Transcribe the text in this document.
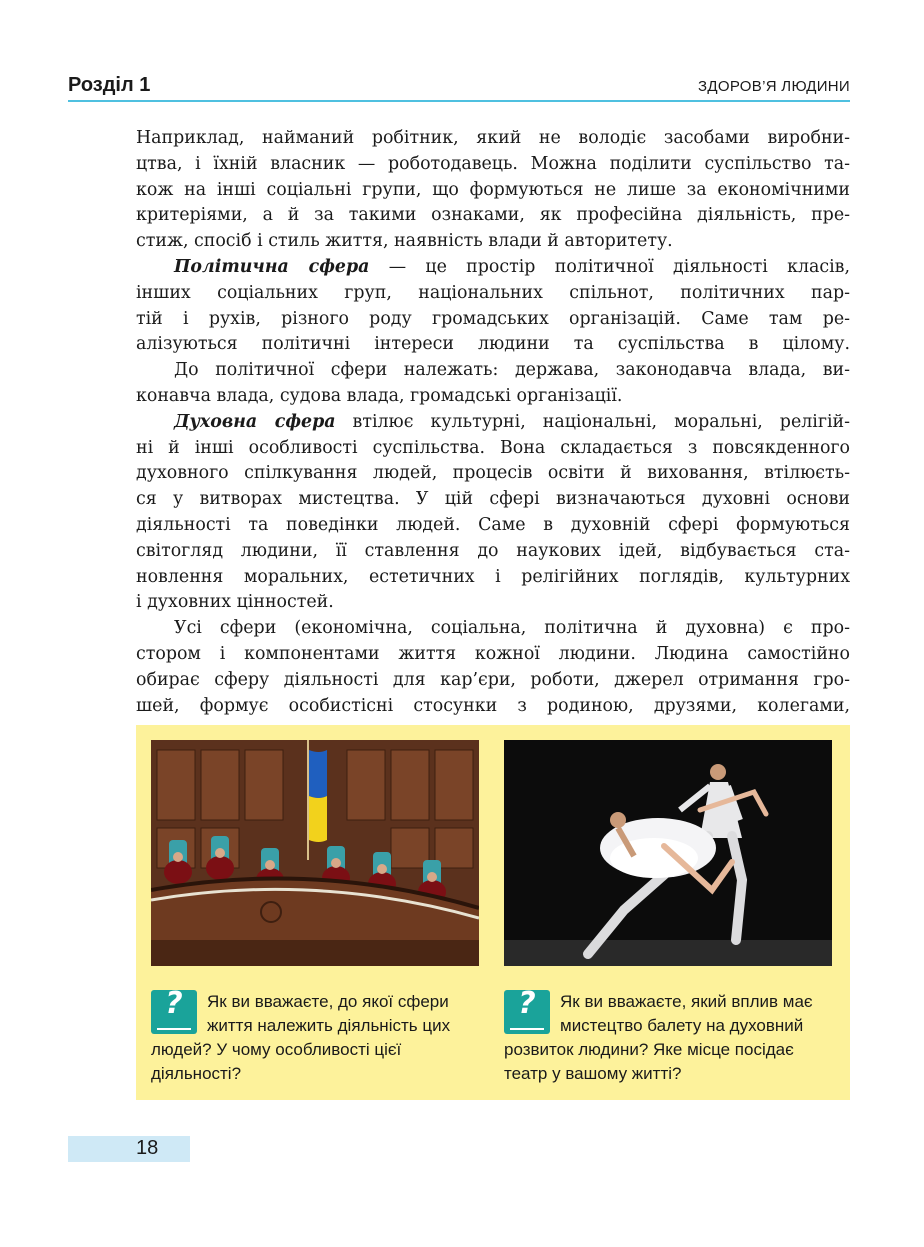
Розділ 1	ЗДОРОВ’Я ЛЮДИНИ
Наприклад, найманий робітник, який не володіє засобами виробни-
цтва, і їхній власник — роботодавець. Можна поділити суспільство та-
кож на інші соціальні групи, що формуються не лише за економічними
критеріями, а й за такими ознаками, як професійна діяльність, пре-
стиж, спосіб і стиль життя, наявність влади й авторитету.
Політична сфера — це простір політичної діяльності класів,
інших соціальних груп, національних спільнот, політичних пар-
тій і рухів, різного роду громадських організацій. Саме там ре-
алізуються політичні інтереси людини та суспільства в цілому.
До політичної сфери належать: держава, законодавча влада, ви-
конавча влада, судова влада, громадські організації.
Духовна сфера втілює культурні, національні, моральні, релігій-
ні й інші особливості суспільства. Вона складається з повсякденного
духовного спілкування людей, процесів освіти й виховання, втілюєть-
ся у витворах мистецтва. У цій сфері визначаються духовні основи
діяльності та поведінки людей. Саме в духовній сфері формуються
світогляд людини, її ставлення до наукових ідей, відбувається ста-
новлення моральних, естетичних і релігійних поглядів, культурних
і духовних цінностей.
Усі сфери (економічна, соціальна, політична й духовна) є про-
стором і компонентами життя кожної людини. Людина самостійно
обирає сферу діяльності для кар’єри, роботи, джерел отримання гро-
шей, формує особистісні стосунки з родиною, друзями, колегами,
?	Як ви вважаєте, до якої сфери життя належить діяльність цих людей? У чому особливості цієї діяльності?
?	Як ви вважаєте, який вплив має мистецтво балету на духовний розвиток людини? Яке місце посідає театр у вашому житті?
18
